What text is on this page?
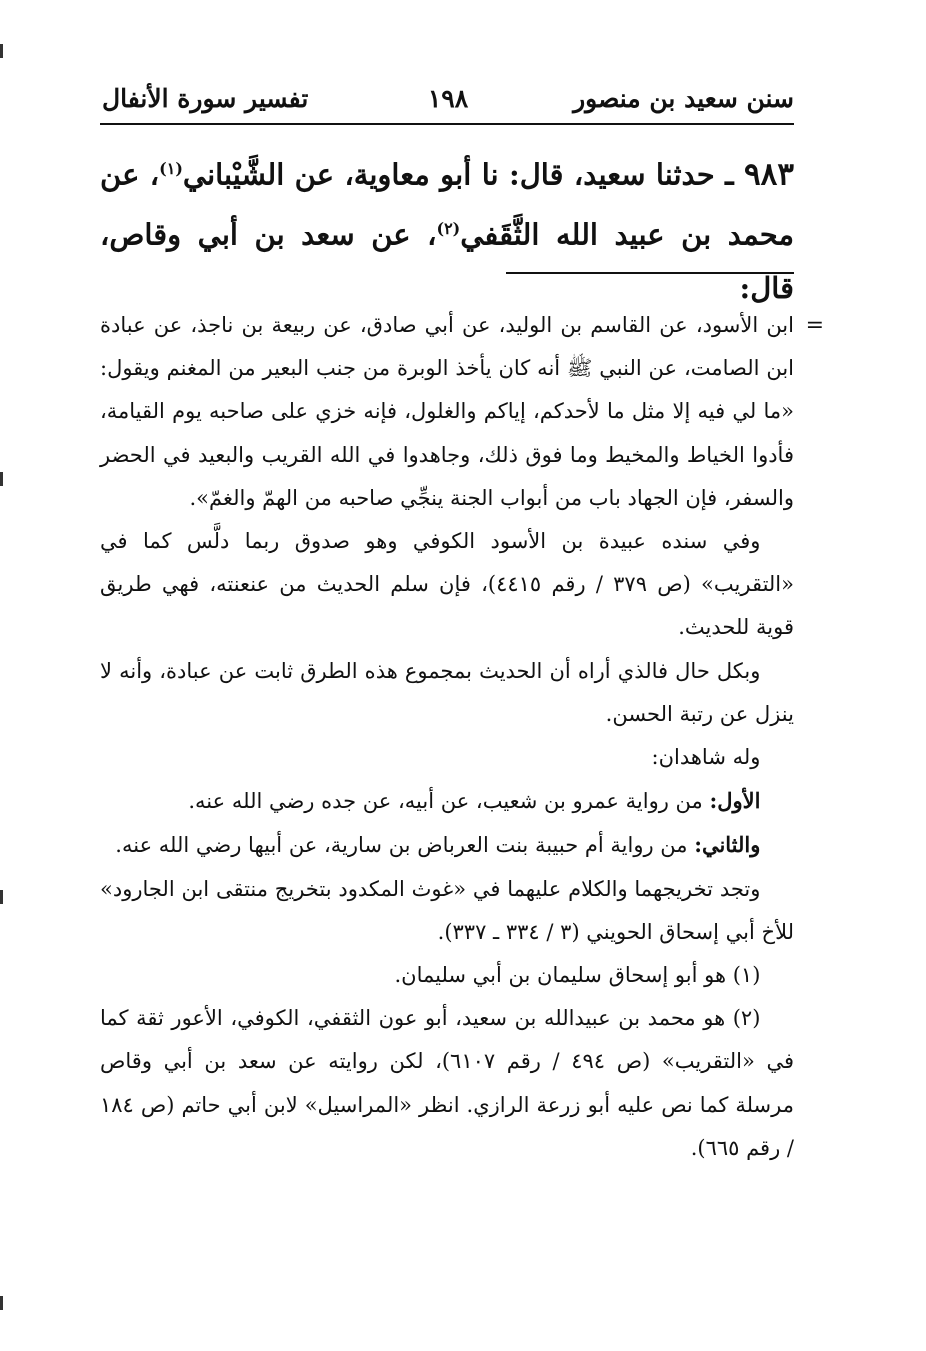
سنن سعيد بن منصور
١٩٨
تفسير سورة الأنفال
٩٨٣ ـ حدثنا سعيد، قال: نا أبو معاوية، عن الشَّيْباني$^{(١)}$، عن محمد بن عبيد الله الثَّقَفي$^{(٢)}$، عن سعد بن أبي وقاص، قال:
=

ابن الأسود، عن القاسم بن الوليد، عن أبي صادق، عن ربيعة بن ناجذ، عن عبادة ابن الصامت، عن النبي ﷺ أنه كان يأخذ الوبرة من جنب البعير من المغنم ويقول: «ما لي فيه إلا مثل ما لأحدكم، إياكم والغلول، فإنه خزي على صاحبه يوم القيامة، فأدوا الخياط والمخيط وما فوق ذلك، وجاهدوا في الله القريب والبعيد في الحضر والسفر، فإن الجهاد باب من أبواب الجنة ينجِّي صاحبه من الهمّ والغمّ».

وفي سنده عبيدة بن الأسود الكوفي وهو صدوق ربما دلَّس كما في «التقريب» (ص ٣٧٩ / رقم ٤٤١٥)، فإن سلم الحديث من عنعنته، فهي طريق قوية للحديث.

وبكل حال فالذي أراه أن الحديث بمجموع هذه الطرق ثابت عن عبادة، وأنه لا ينزل عن رتبة الحسن.

وله شاهدان:

الأول: من رواية عمرو بن شعيب، عن أبيه، عن جده رضي الله عنه.

والثاني: من رواية أم حبيبة بنت العرباض بن سارية، عن أبيها رضي الله عنه.

وتجد تخريجهما والكلام عليهما في «غوث المكدود بتخريج منتقى ابن الجارود» للأخ أبي إسحاق الحويني (٣ / ٣٣٤ ـ ٣٣٧).

(١) هو أبو إسحاق سليمان بن أبي سليمان.

(٢) هو محمد بن عبيدالله بن سعيد، أبو عون الثقفي، الكوفي، الأعور ثقة كما في «التقريب» (ص ٤٩٤ / رقم ٦١٠٧)، لكن روايته عن سعد بن أبي وقاص مرسلة كما نص عليه أبو زرعة الرازي. انظر «المراسيل» لابن أبي حاتم (ص ١٨٤ / رقم ٦٦٥).
